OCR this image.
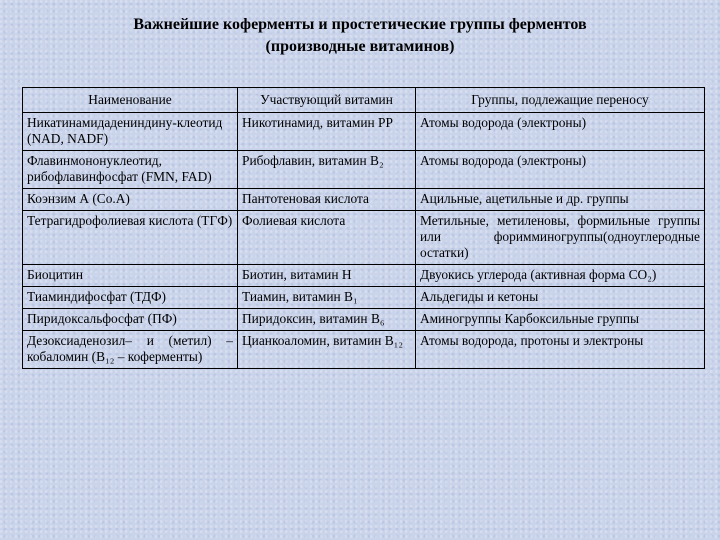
Важнейшие коферменты и простетические группы ферментов
(производные витаминов)
Наименование	Участвующий витамин	Группы, подлежащие переносу
Никатинамидадениндину-клеотид (NAD, NADF)	Никотинамид, витамин PP	Атомы водорода (электроны)
Флавинмононуклеотид, рибофлавинфосфат (FMN, FAD)	Рибофлавин, витамин B₂	Атомы водорода (электроны)
Коэнзим А (Со.А)	Пантотеновая кислота	Ацильные, ацетильные и др. группы
Тетрагидрофолиевая кислота (ТГФ)	Фолиевая кислота	Метильные, метиленовы, формильные группы или форимминогруппы(одноуглеродные остатки)
Биоцитин	Биотин, витамин Н	Двуокись углерода (активная форма СО₂)
Тиаминдифосфат (ТДФ)	Тиамин, витамин B₁	Альдегиды и кетоны
Пиридоксальфосфат (ПФ)	Пиридоксин, витамин B₆	Аминогруппы Карбоксильные группы
Дезоксиаденозил– и (метил) –кобаломин (B₁₂ – коферменты)	Цианкоаломин, витамин B₁₂	Атомы водорода, протоны и электроны
